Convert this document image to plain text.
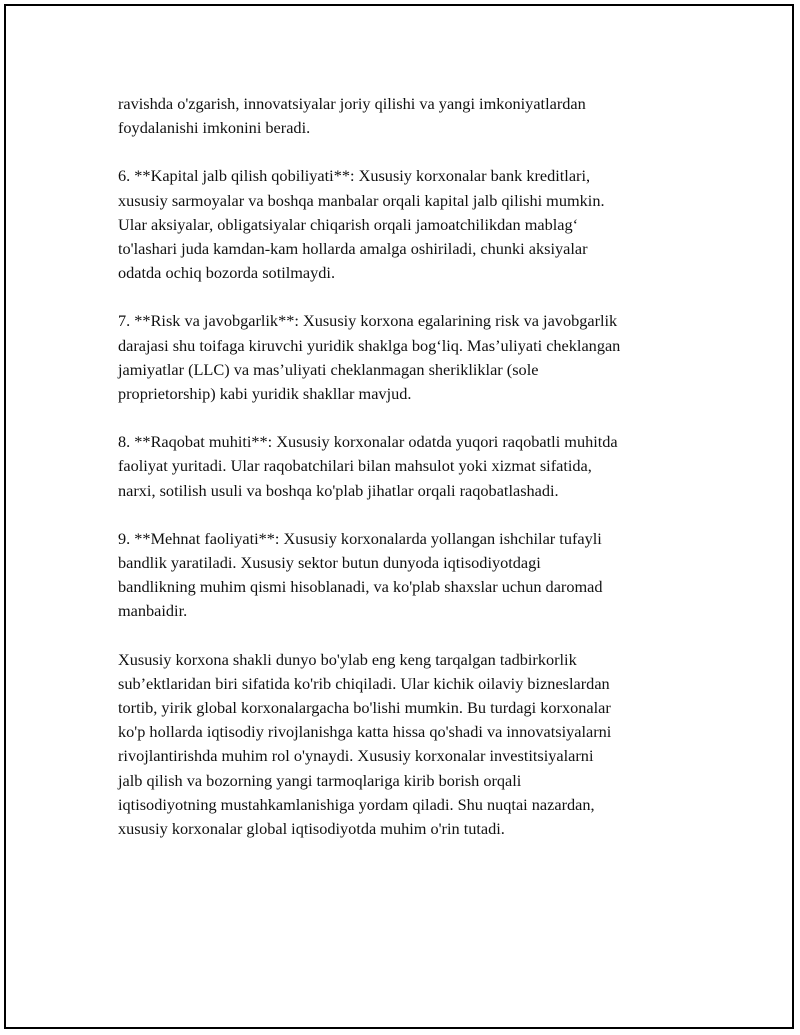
ravishda o'zgarish, innovatsiyalar joriy qilishi va yangi imkoniyatlardan
foydalanishi imkonini beradi.

6. **Kapital jalb qilish qobiliyati**: Xususiy korxonalar bank kreditlari,
xususiy sarmoyalar va boshqa manbalar orqali kapital jalb qilishi mumkin.
Ular aksiyalar, obligatsiyalar chiqarish orqali jamoatchilikdan mablag‘
to'lashari juda kamdan-kam hollarda amalga oshiriladi, chunki aksiyalar
odatda ochiq bozorda sotilmaydi.

7. **Risk va javobgarlik**: Xususiy korxona egalarining risk va javobgarlik
darajasi shu toifaga kiruvchi yuridik shaklga bog‘liq. Mas’uliyati cheklangan
jamiyatlar (LLC) va mas’uliyati cheklanmagan sherikliklar (sole
proprietorship) kabi yuridik shakllar mavjud.

8. **Raqobat muhiti**: Xususiy korxonalar odatda yuqori raqobatli muhitda
faoliyat yuritadi. Ular raqobatchilari bilan mahsulot yoki xizmat sifatida,
narxi, sotilish usuli va boshqa ko'plab jihatlar orqali raqobatlashadi.

9. **Mehnat faoliyati**: Xususiy korxonalarda yollangan ishchilar tufayli
bandlik yaratiladi. Xususiy sektor butun dunyoda iqtisodiyotdagi
bandlikning muhim qismi hisoblanadi, va ko'plab shaxslar uchun daromad
manbaidir.

Xususiy korxona shakli dunyo bo'ylab eng keng tarqalgan tadbirkorlik
sub’ektlaridan biri sifatida ko'rib chiqiladi. Ular kichik oilaviy bizneslardan
tortib, yirik global korxonalargacha bo'lishi mumkin. Bu turdagi korxonalar
ko'p hollarda iqtisodiy rivojlanishga katta hissa qo'shadi va innovatsiyalarni
rivojlantirishda muhim rol o'ynaydi. Xususiy korxonalar investitsiyalarni
jalb qilish va bozorning yangi tarmoqlariga kirib borish orqali
iqtisodiyotning mustahkamlanishiga yordam qiladi. Shu nuqtai nazardan,
xususiy korxonalar global iqtisodiyotda muhim o'rin tutadi.
